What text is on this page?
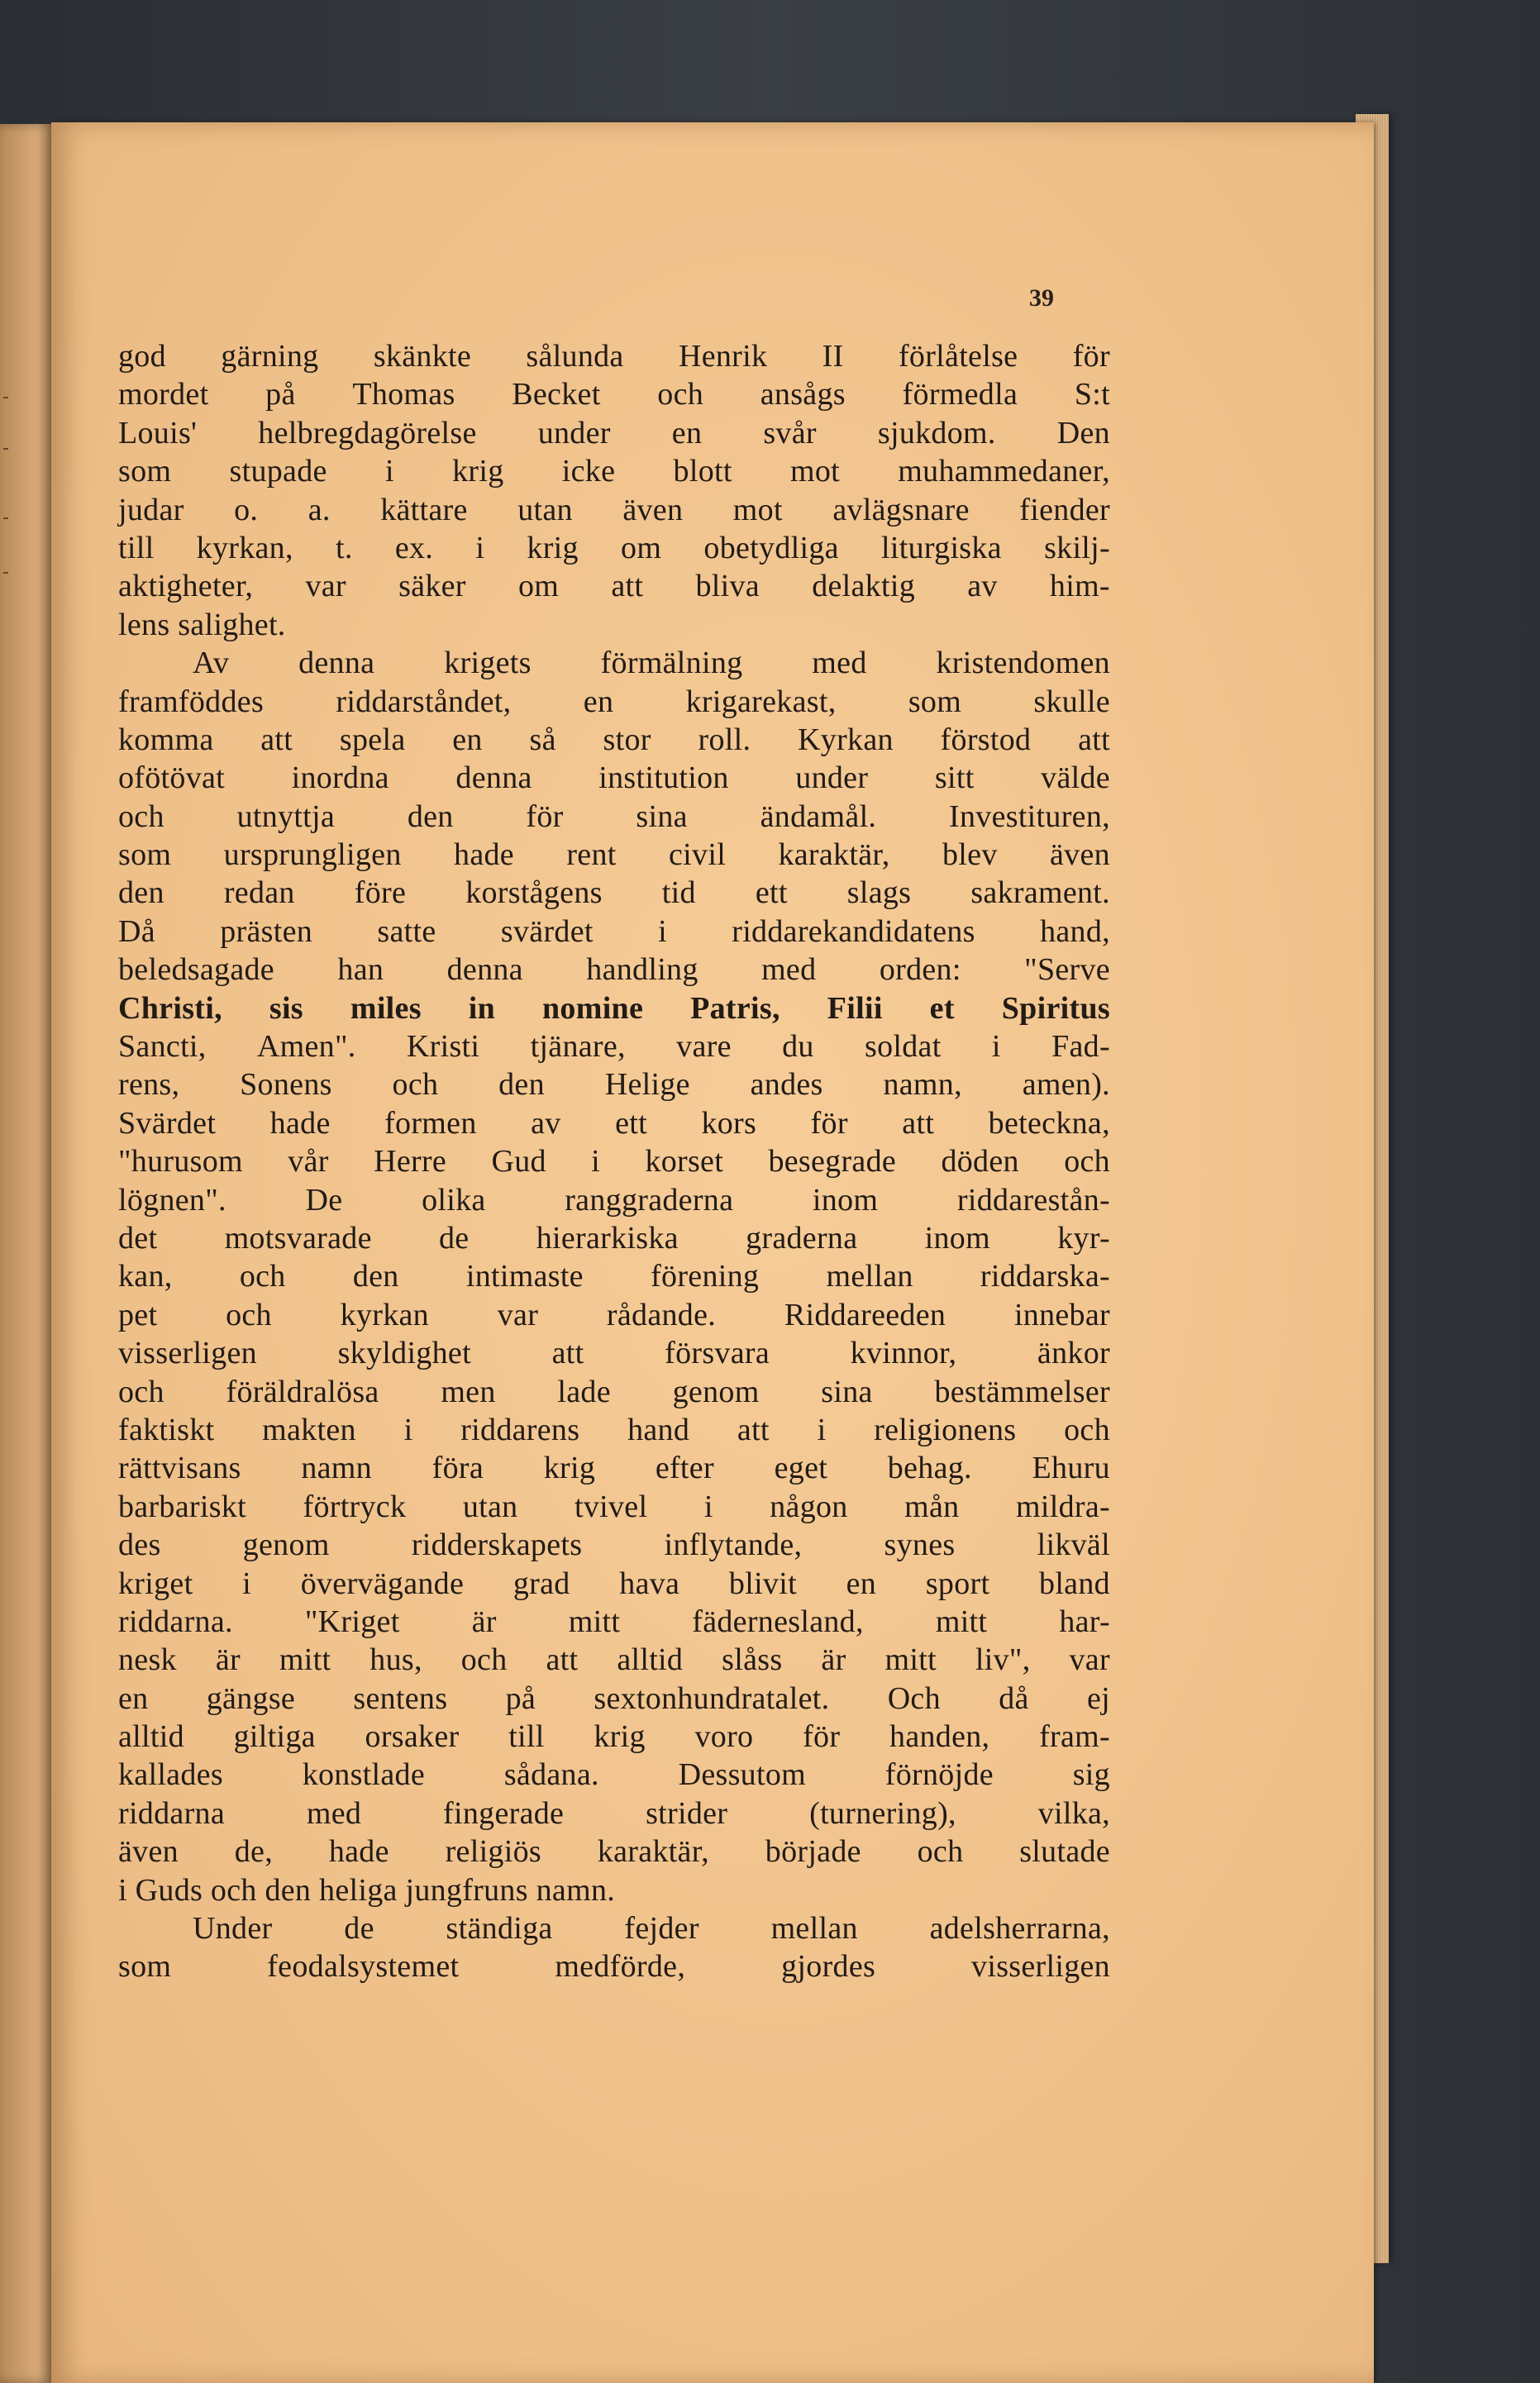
39
god gärning skänkte sålunda Henrik II förlåtelse för
mordet på Thomas Becket och ansågs förmedla S:t
Louis' helbregdagörelse under en svår sjukdom. Den
som stupade i krig icke blott mot muhammedaner,
judar o. a. kättare utan även mot avlägsnare fiender
till kyrkan, t. ex. i krig om obetydliga liturgiska skilj-
aktigheter, var säker om att bliva delaktig av him-
lens salighet.
Av denna krigets förmälning med kristendomen
framföddes riddarståndet, en krigarekast, som skulle
komma att spela en så stor roll. Kyrkan förstod att
ofötövat inordna denna institution under sitt välde
och utnyttja den för sina ändamål. Investituren,
som ursprungligen hade rent civil karaktär, blev även
den redan före korstågens tid ett slags sakrament.
Då prästen satte svärdet i riddarekandidatens hand,
beledsagade han denna handling med orden: "Serve
Christi, sis miles in nomine Patris, Filii et Spiritus
Sancti, Amen". Kristi tjänare, vare du soldat i Fad-
rens, Sonens och den Helige andes namn, amen).
Svärdet hade formen av ett kors för att beteckna,
"hurusom vår Herre Gud i korset besegrade döden och
lögnen".	De	olika	ranggraderna	inom	riddarestån-
det motsvarade de hierarkiska graderna inom kyr-
kan, och den intimaste förening mellan riddarska-
pet och kyrkan var rådande. Riddareeden innebar
visserligen	skyldighet	att	försvara	kvinnor,	änkor
och föräldralösa men lade genom sina bestämmelser
faktiskt makten i riddarens hand att i religionens och
rättvisans namn föra krig efter eget behag. Ehuru
barbariskt förtryck utan tvivel i någon mån mildra-
des	genom	ridderskapets	inflytande,	synes	likväl
kriget i övervägande grad hava blivit en sport bland
riddarna. "Kriget är mitt fädernesland, mitt har-
nesk är mitt hus, och att alltid slåss är mitt liv", var
en gängse sentens på sextonhundratalet. Och då ej
alltid giltiga orsaker till krig voro för handen, fram-
kallades	konstlade	sådana.	Dessutom	förnöjde	sig
riddarna	med	fingerade	strider	(turnering),	vilka,
även de, hade religiös karaktär, började och slutade
i Guds och den heliga jungfruns namn.
Under de ständiga fejder mellan adelsherrarna,
som	feodalsystemet	medförde,	gjordes	visserligen
